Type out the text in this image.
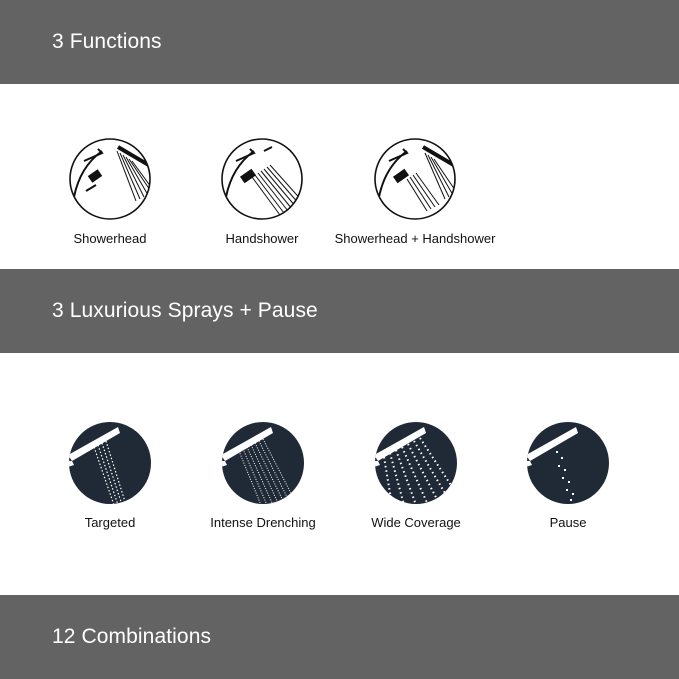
3 Functions
Showerhead	Handshower	Showerhead + Handshower
3 Luxurious Sprays + Pause
Targeted	Intense Drenching	Wide Coverage	Pause
12 Combinations
